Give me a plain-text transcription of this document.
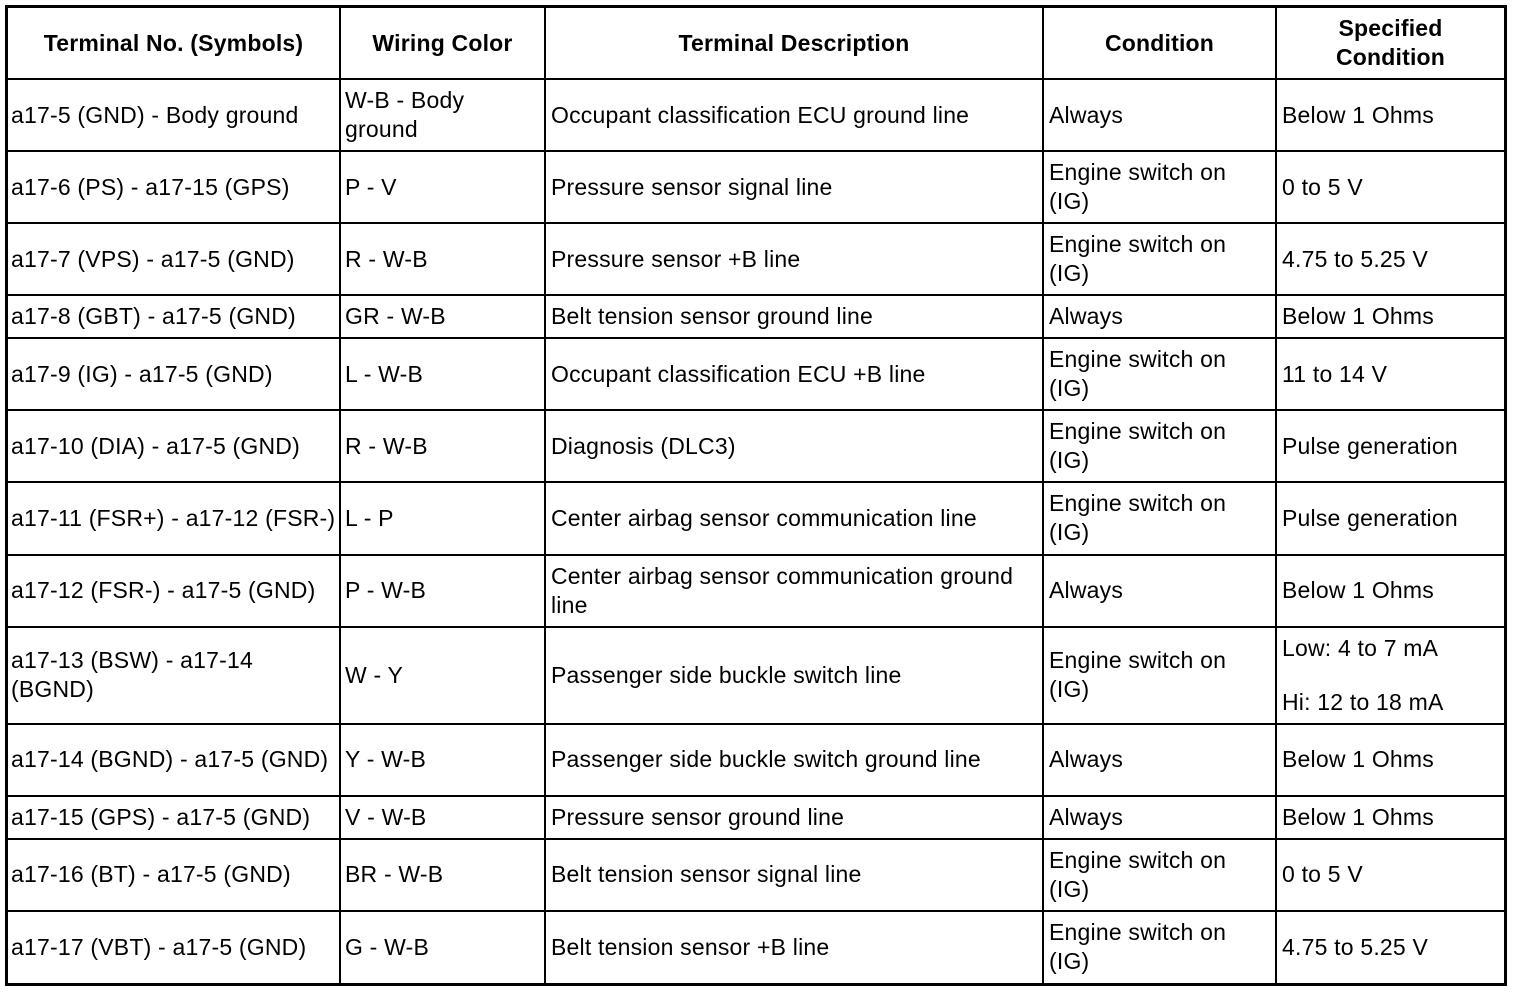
Terminal No. (Symbols)	Wiring Color	Terminal Description	Condition	Specified
Condition

a17-5 (GND) - Body ground	W-B - Body ground	Occupant classification ECU ground line	Always	Below 1 Ohms
a17-6 (PS) - a17-15 (GPS)	P - V	Pressure sensor signal line	Engine switch on (IG)	0 to 5 V
a17-7 (VPS) - a17-5 (GND)	R - W-B	Pressure sensor +B line	Engine switch on (IG)	4.75 to 5.25 V
a17-8 (GBT) - a17-5 (GND)	GR - W-B	Belt tension sensor ground line	Always	Below 1 Ohms
a17-9 (IG) - a17-5 (GND)	L - W-B	Occupant classification ECU +B line	Engine switch on (IG)	11 to 14 V
a17-10 (DIA) - a17-5 (GND)	R - W-B	Diagnosis (DLC3)	Engine switch on (IG)	Pulse generation
a17-11 (FSR+) - a17-12 (FSR-)	L - P	Center airbag sensor communication line	Engine switch on (IG)	Pulse generation
a17-12 (FSR-) - a17-5 (GND)	P - W-B	Center airbag sensor communication ground line	Always	Below 1 Ohms
a17-13 (BSW) - a17-14 (BGND)	W - Y	Passenger side buckle switch line	Engine switch on (IG)	Low: 4 to 7 mA
Hi: 12 to 18 mA

a17-14 (BGND) - a17-5 (GND)	Y - W-B	Passenger side buckle switch ground line	Always	Below 1 Ohms
a17-15 (GPS) - a17-5 (GND)	V - W-B	Pressure sensor ground line	Always	Below 1 Ohms
a17-16 (BT) - a17-5 (GND)	BR - W-B	Belt tension sensor signal line	Engine switch on (IG)	0 to 5 V
a17-17 (VBT) - a17-5 (GND)	G - W-B	Belt tension sensor +B line	Engine switch on (IG)	4.75 to 5.25 V
